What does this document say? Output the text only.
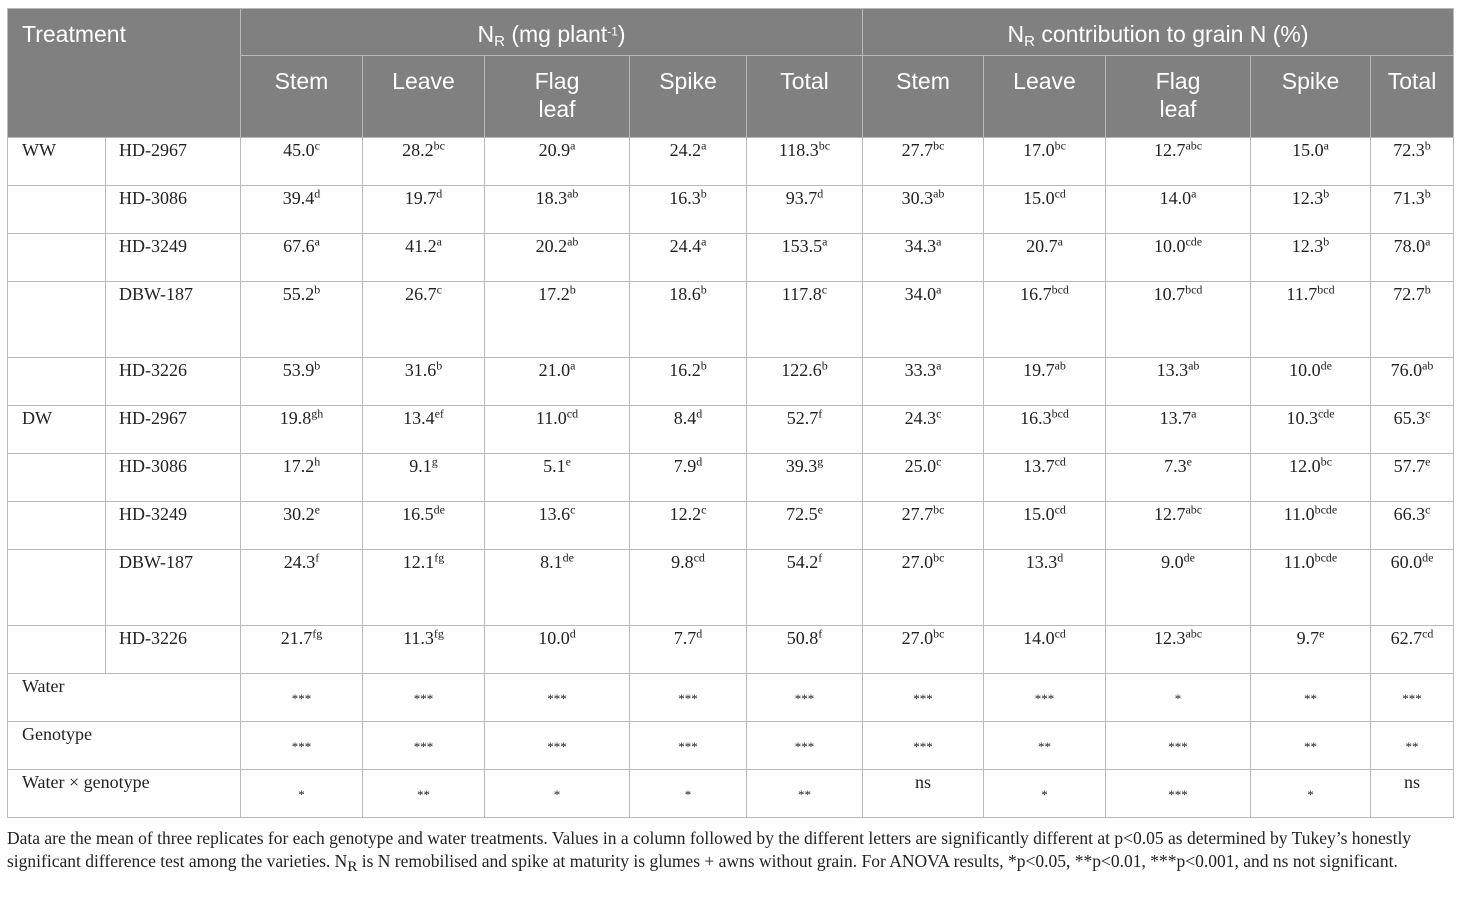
Treatment		$N_R$ (mg plant$^{-1}$)					$N_R$ contribution to grain N (%)				
		Stem	Leave	Flag leaf	Spike	Total	Stem	Leave	Flag leaf	Spike	Total
WW	HD-2967	45.0$^c$	28.2$^{bc}$	20.9$^a$	24.2$^a$	118.3$^{bc}$	27.7$^{bc}$	17.0$^{bc}$	12.7$^{abc}$	15.0$^a$	72.3$^b$
	HD-3086	39.4$^d$	19.7$^d$	18.3$^{ab}$	16.3$^b$	93.7$^d$	30.3$^{ab}$	15.0$^{cd}$	14.0$^a$	12.3$^b$	71.3$^b$
	HD-3249	67.6$^a$	41.2$^a$	20.2$^{ab}$	24.4$^a$	153.5$^a$	34.3$^a$	20.7$^a$	10.0$^{cde}$	12.3$^b$	78.0$^a$
	DBW-187	55.2$^b$	26.7$^c$	17.2$^b$	18.6$^b$	117.8$^c$	34.0$^a$	16.7$^{bcd}$	10.7$^{bcd}$	11.7$^{bcd}$	72.7$^b$
	HD-3226	53.9$^b$	31.6$^b$	21.0$^a$	16.2$^b$	122.6$^b$	33.3$^a$	19.7$^{ab}$	13.3$^{ab}$	10.0de	76.0$^{ab}$
DW	HD-2967	19.8$^{gh}$	13.4$^{ef}$	11.0$^{cd}$	8.4$^d$	52.7$^f$	24.3$^c$	16.3$^{bcd}$	13.7$^a$	10.3$^{cde}$	65.3$^c$
	HD-3086	17.2$^h$	9.1$^g$	5.1e	7.9$^d$	39.3$^g$	25.0$^c$	13.7$^{cd}$	7.3e	12.0$^{bc}$	57.7e
	HD-3249	30.2e	16.5de	13.6$^c$	12.2$^c$	72.5e	27.7$^{bc}$	15.0$^{cd}$	12.7$^{abc}$	$11.0^{bcde}$	66.3$^c$
	DBW-187	24.3$^f$	12.1$^{fg}$	8.1de	9.8$^{cd}$	54.2$^f$	27.0$^{bc}$	13.3$^d$	9.0de	$11.0^{bcde}$	60.0de
	HD-3226	21.7$^{fg}$	11.3$^{fg}$	10.0$^d$	7.7$^d$	50.8$^f$	27.0$^{bc}$	14.0$^{cd}$	12.3$^{abc}$	9.7e	62.7$^{cd}$
Water		***	***	***	***	***	***	***	*	**	***
Genotype		***	***	***	***	***	***	**	***	**	**
Water × genotype		*	**	*	*	**	ns	*	***	*	ns
Data are the mean of three replicates for each genotype and water treatments. Values in a column followed by the different letters are significantly different at p<0.05 as determined by Tukey’s honestly significant difference test among the varieties. $N_R$ is N remobilised and spike at maturity is glumes + awns without grain. For ANOVA results, *p<0.05, **p<0.01, ***p<0.001, and ns not significant.
